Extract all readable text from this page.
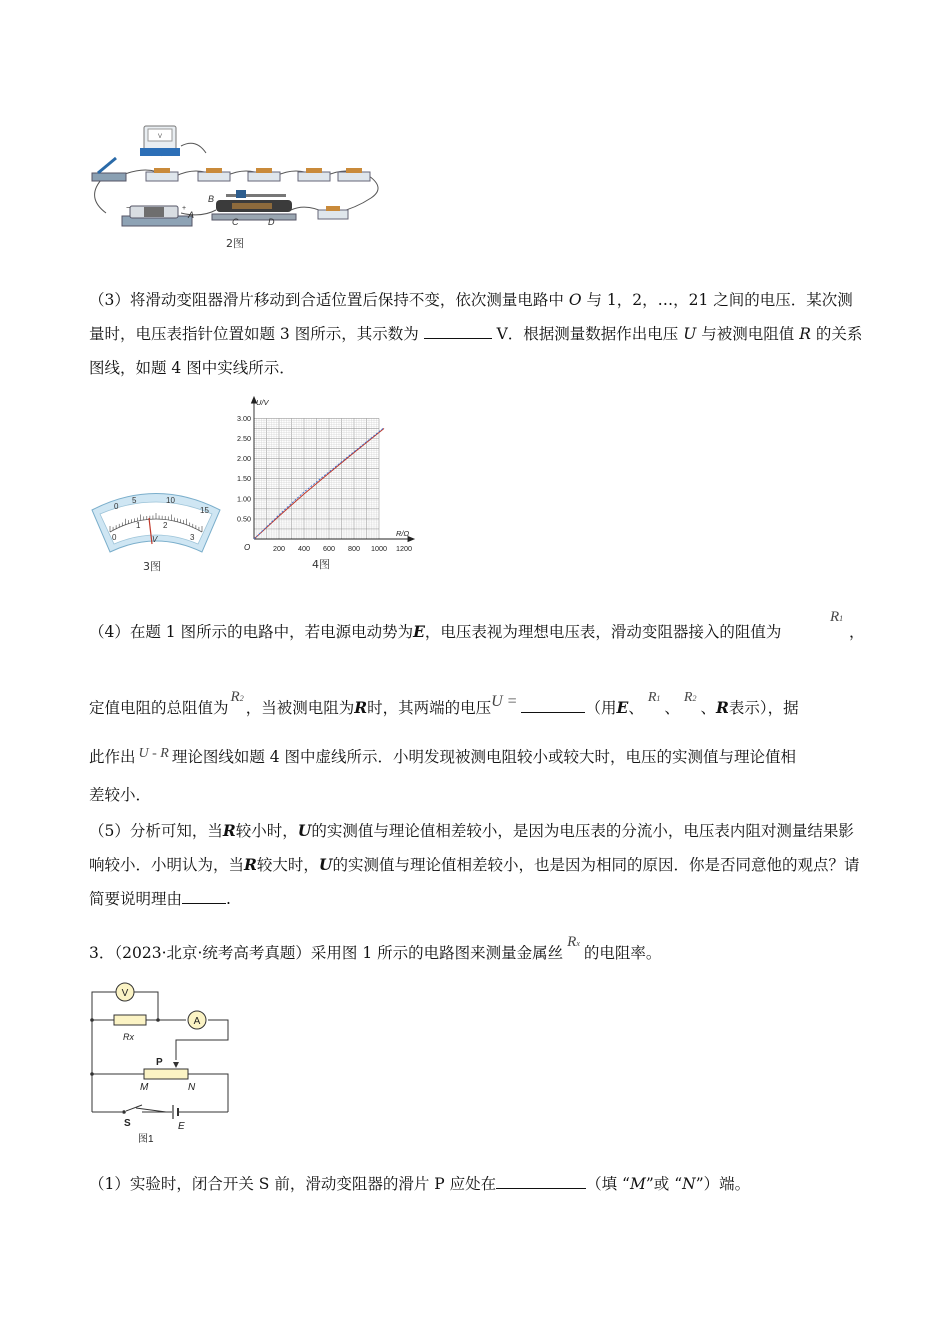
V
−	+
A
B
C	D
2图
（3）将滑动变阻器滑片移动到合适位置后保持不变，依次测量电路中 O 与 1，2，…，21 之间的电压．某次测量时，电压表指针位置如题 3 图所示，其示数为	V．根据测量数据作出电压 U 与被测电阻值 R 的关系图线，如题 4 图中实线所示．
0
5	10
15
0
1	2
3
V
3图
U/V
R/Ω
O
3.00
2.50
2.00
1.50
1.00
0.50
200 400 600 800 1000 1200
4图
（4）在题 1 图所示的电路中，若电源电动势为E，电压表视为理想电压表，滑动变阻器接入的阻值为
R1
，
定值电阻的总阻值为R2，当被测电阻为R时，其两端的电压U =	（用E、R1、R2、R表示），据
此作出 U - R 理论图线如题 4 图中虚线所示．小明发现被测电阻较小或较大时，电压的实测值与理论值相
差较小．
（5）分析可知，当R较小时，U的实测值与理论值相差较小，是因为电压表的分流小，电压表内阻对测量结果影响较小．小明认为，当R较大时，U的实测值与理论值相差较小，也是因为相同的原因．你是否同意他的观点？请简要说明理由	.
3．（2023·北京·统考高考真题）采用图 1 所示的电路图来测量金属丝Rx的电阻率。
V
A
Rx
P
M	N
S	E
图1
（1）实验时，闭合开关 S 前，滑动变阻器的滑片 P 应处在	（填 “M”或 “N”）端。
